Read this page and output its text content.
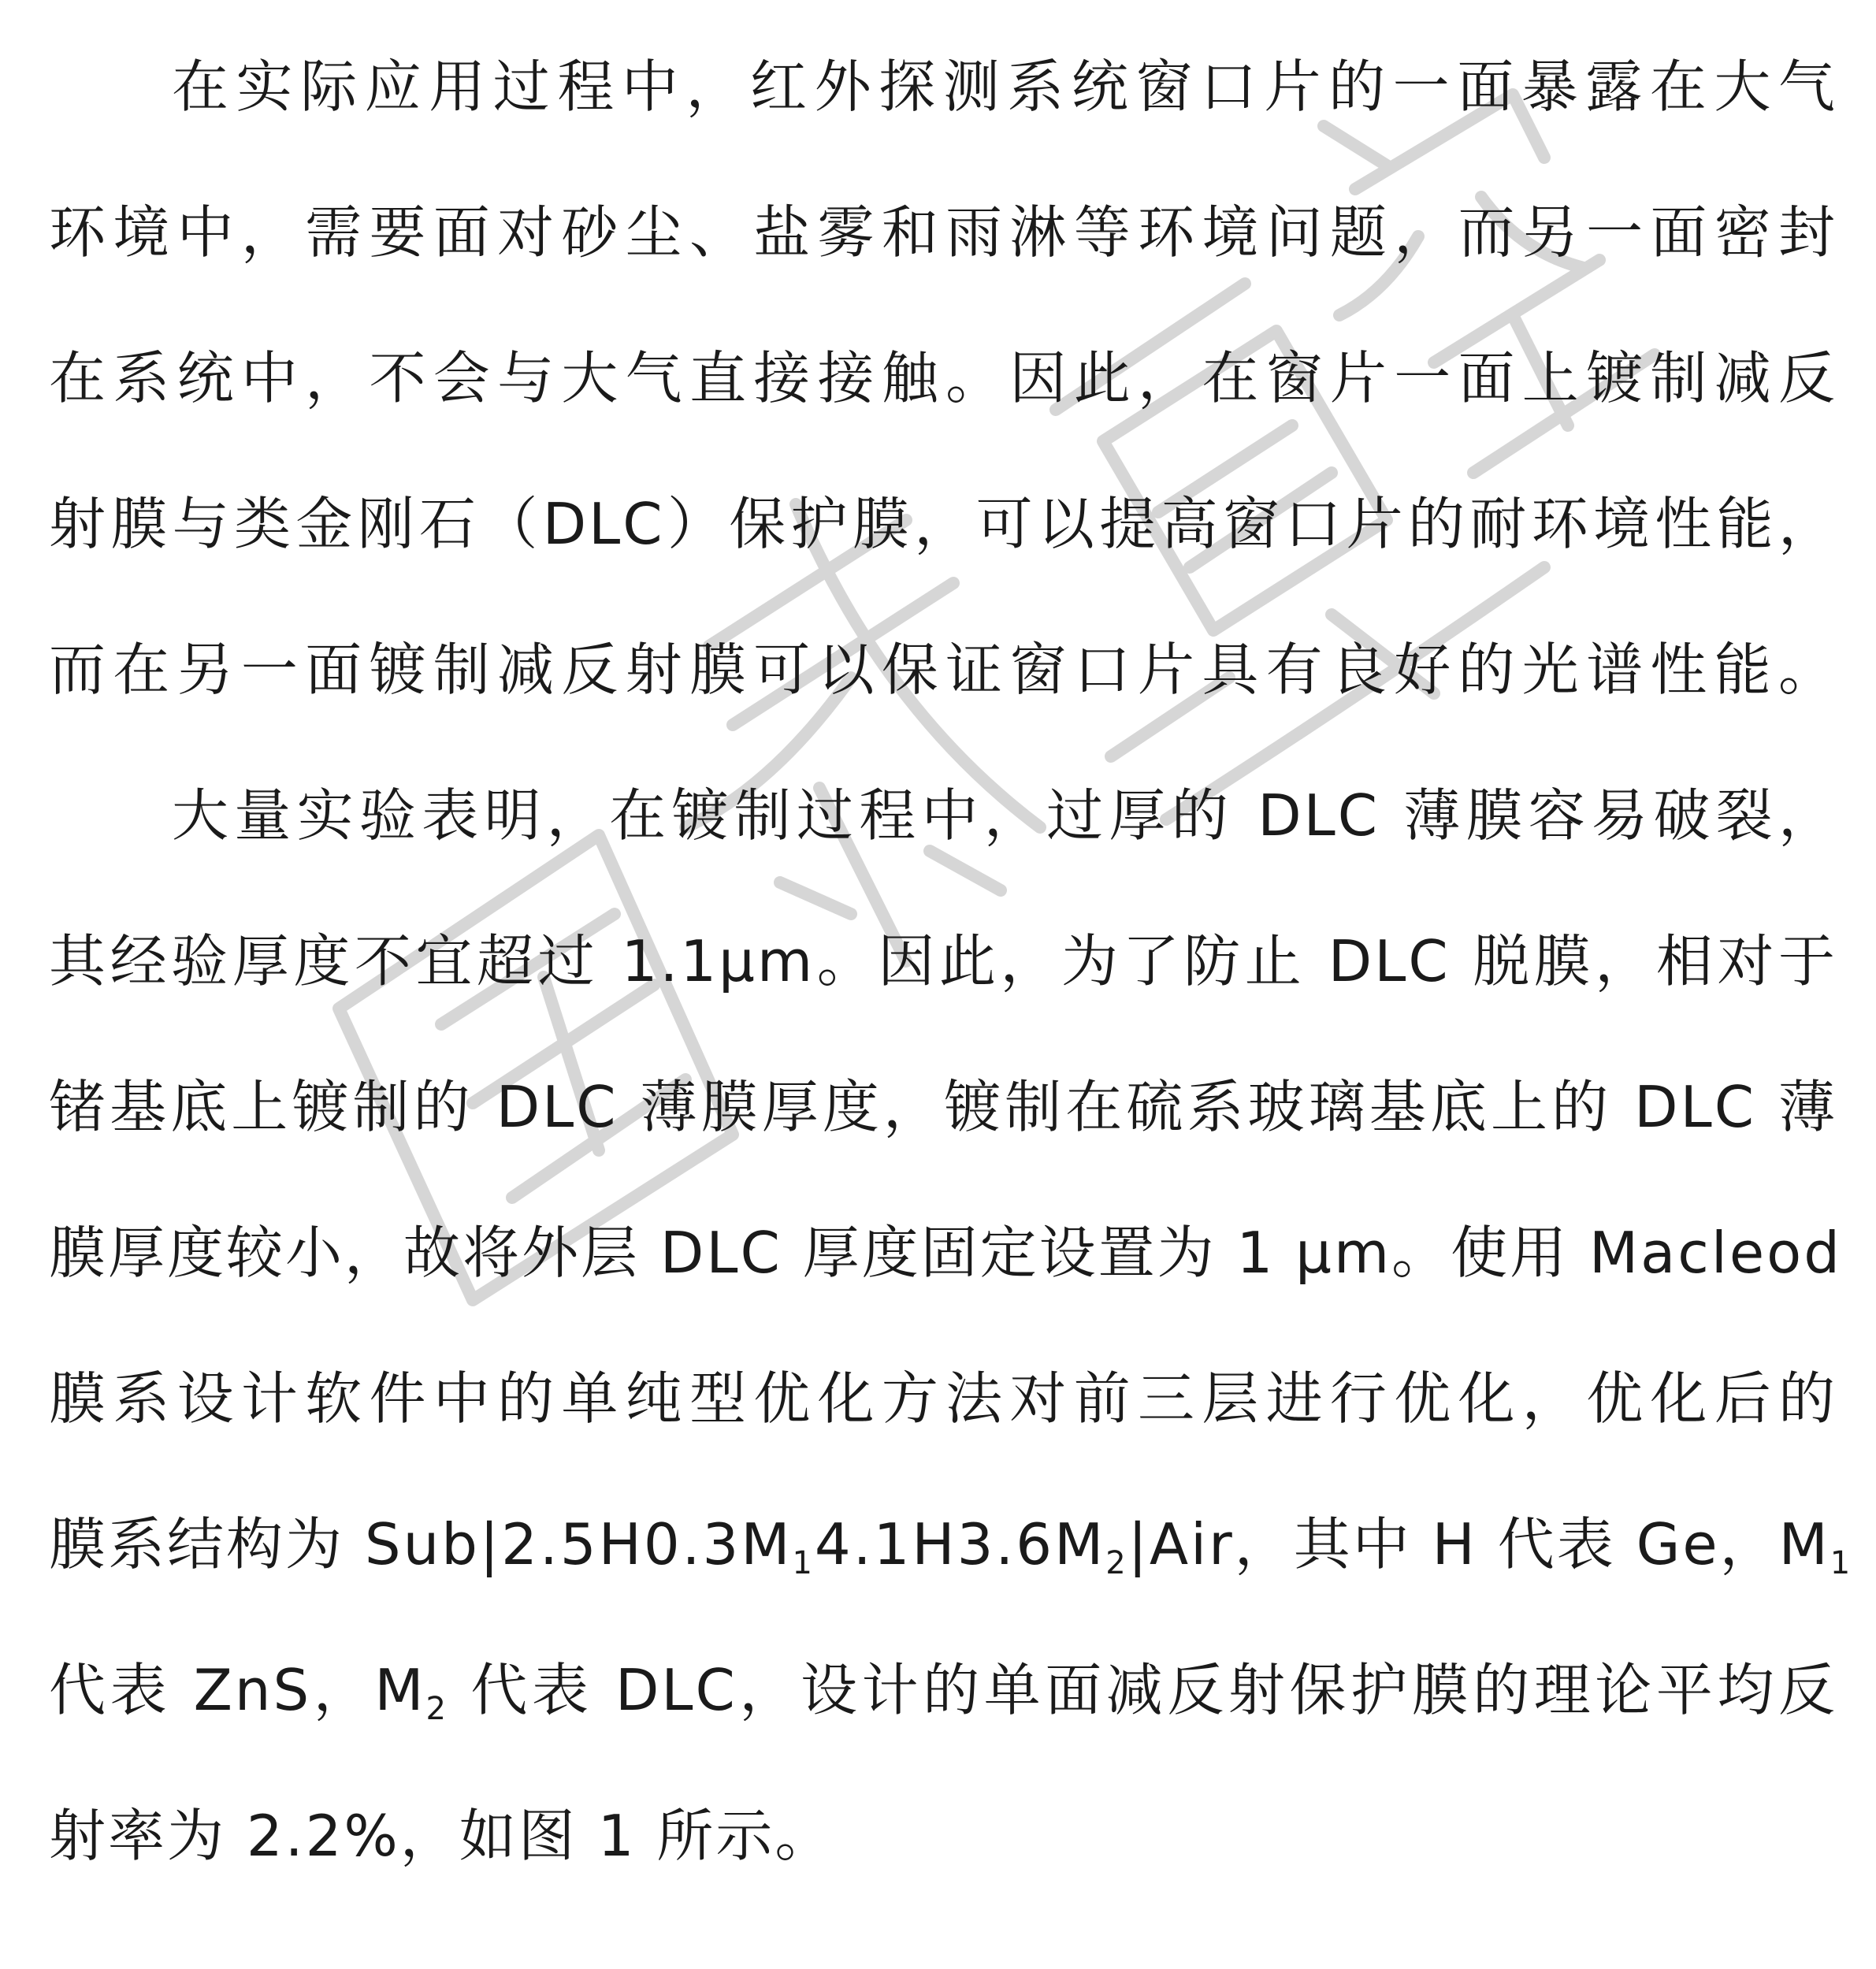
在实际应用过程中，红外探测系统窗口片的一面暴露在大气
环境中，需要面对砂尘、盐雾和雨淋等环境问题，而另一面密封
在系统中，不会与大气直接接触。因此，在窗片一面上镀制减反
射膜与类金刚石（DLC）保护膜，可以提高窗口片的耐环境性能，
而在另一面镀制减反射膜可以保证窗口片具有良好的光谱性能。
大量实验表明，在镀制过程中，过厚的 DLC 薄膜容易破裂，
其经验厚度不宜超过 1.1μm。因此，为了防止 DLC 脱膜，相对于
锗基底上镀制的 DLC 薄膜厚度，镀制在硫系玻璃基底上的 DLC 薄
膜厚度较小，故将外层 DLC 厚度固定设置为 1 μm。使用 Macleod
膜系设计软件中的单纯型优化方法对前三层进行优化，优化后的
膜系结构为 $Sub|2.5H0.3M_14.1H3.6M_2|Air$，其中 H 代表 Ge，$M_1$
代表 ZnS，$M_2$ 代表 DLC，设计的单面减反射保护膜的理论平均反
射率为 2.2%，如图 1 所示。
